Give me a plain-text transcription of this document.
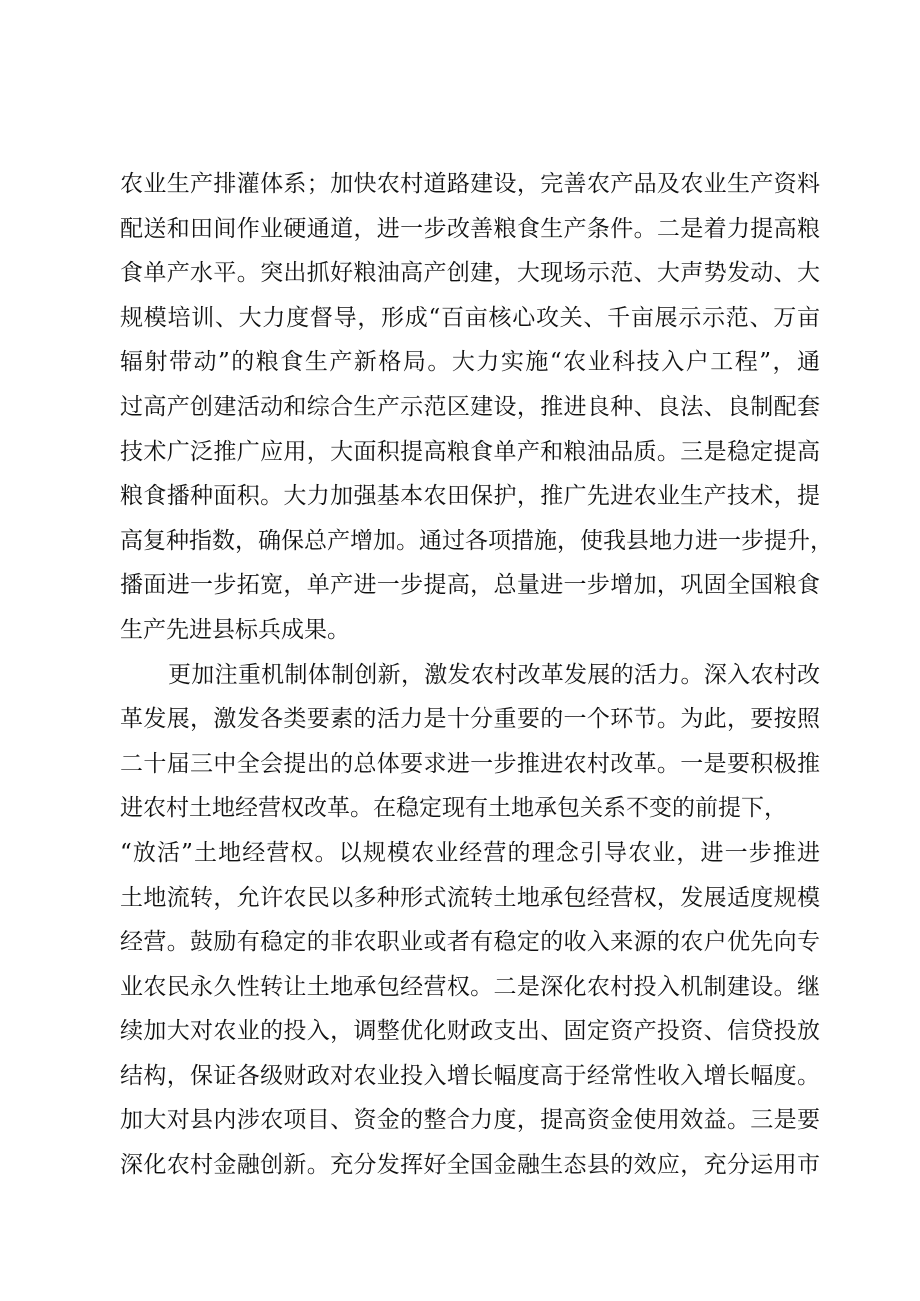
农业生产排灌体系；加快农村道路建设，完善农产品及农业生产资料
配送和田间作业硬通道，进一步改善粮食生产条件。二是着力提高粮
食单产水平。突出抓好粮油高产创建，大现场示范、大声势发动、大
规模培训、大力度督导，形成“百亩核心攻关、千亩展示示范、万亩
辐射带动”的粮食生产新格局。大力实施“农业科技入户工程”，通
过高产创建活动和综合生产示范区建设，推进良种、良法、良制配套
技术广泛推广应用，大面积提高粮食单产和粮油品质。三是稳定提高
粮食播种面积。大力加强基本农田保护，推广先进农业生产技术，提
高复种指数，确保总产增加。通过各项措施，使我县地力进一步提升，
播面进一步拓宽，单产进一步提高，总量进一步增加，巩固全国粮食
生产先进县标兵成果。
更加注重机制体制创新，激发农村改革发展的活力。深入农村改
革发展，激发各类要素的活力是十分重要的一个环节。为此，要按照
二十届三中全会提出的总体要求进一步推进农村改革。一是要积极推
进农村土地经营权改革。在稳定现有土地承包关系不变的前提下，
“放活”土地经营权。以规模农业经营的理念引导农业，进一步推进
土地流转，允许农民以多种形式流转土地承包经营权，发展适度规模
经营。鼓励有稳定的非农职业或者有稳定的收入来源的农户优先向专
业农民永久性转让土地承包经营权。二是深化农村投入机制建设。继
续加大对农业的投入，调整优化财政支出、固定资产投资、信贷投放
结构，保证各级财政对农业投入增长幅度高于经常性收入增长幅度。
加大对县内涉农项目、资金的整合力度，提高资金使用效益。三是要
深化农村金融创新。充分发挥好全国金融生态县的效应，充分运用市
